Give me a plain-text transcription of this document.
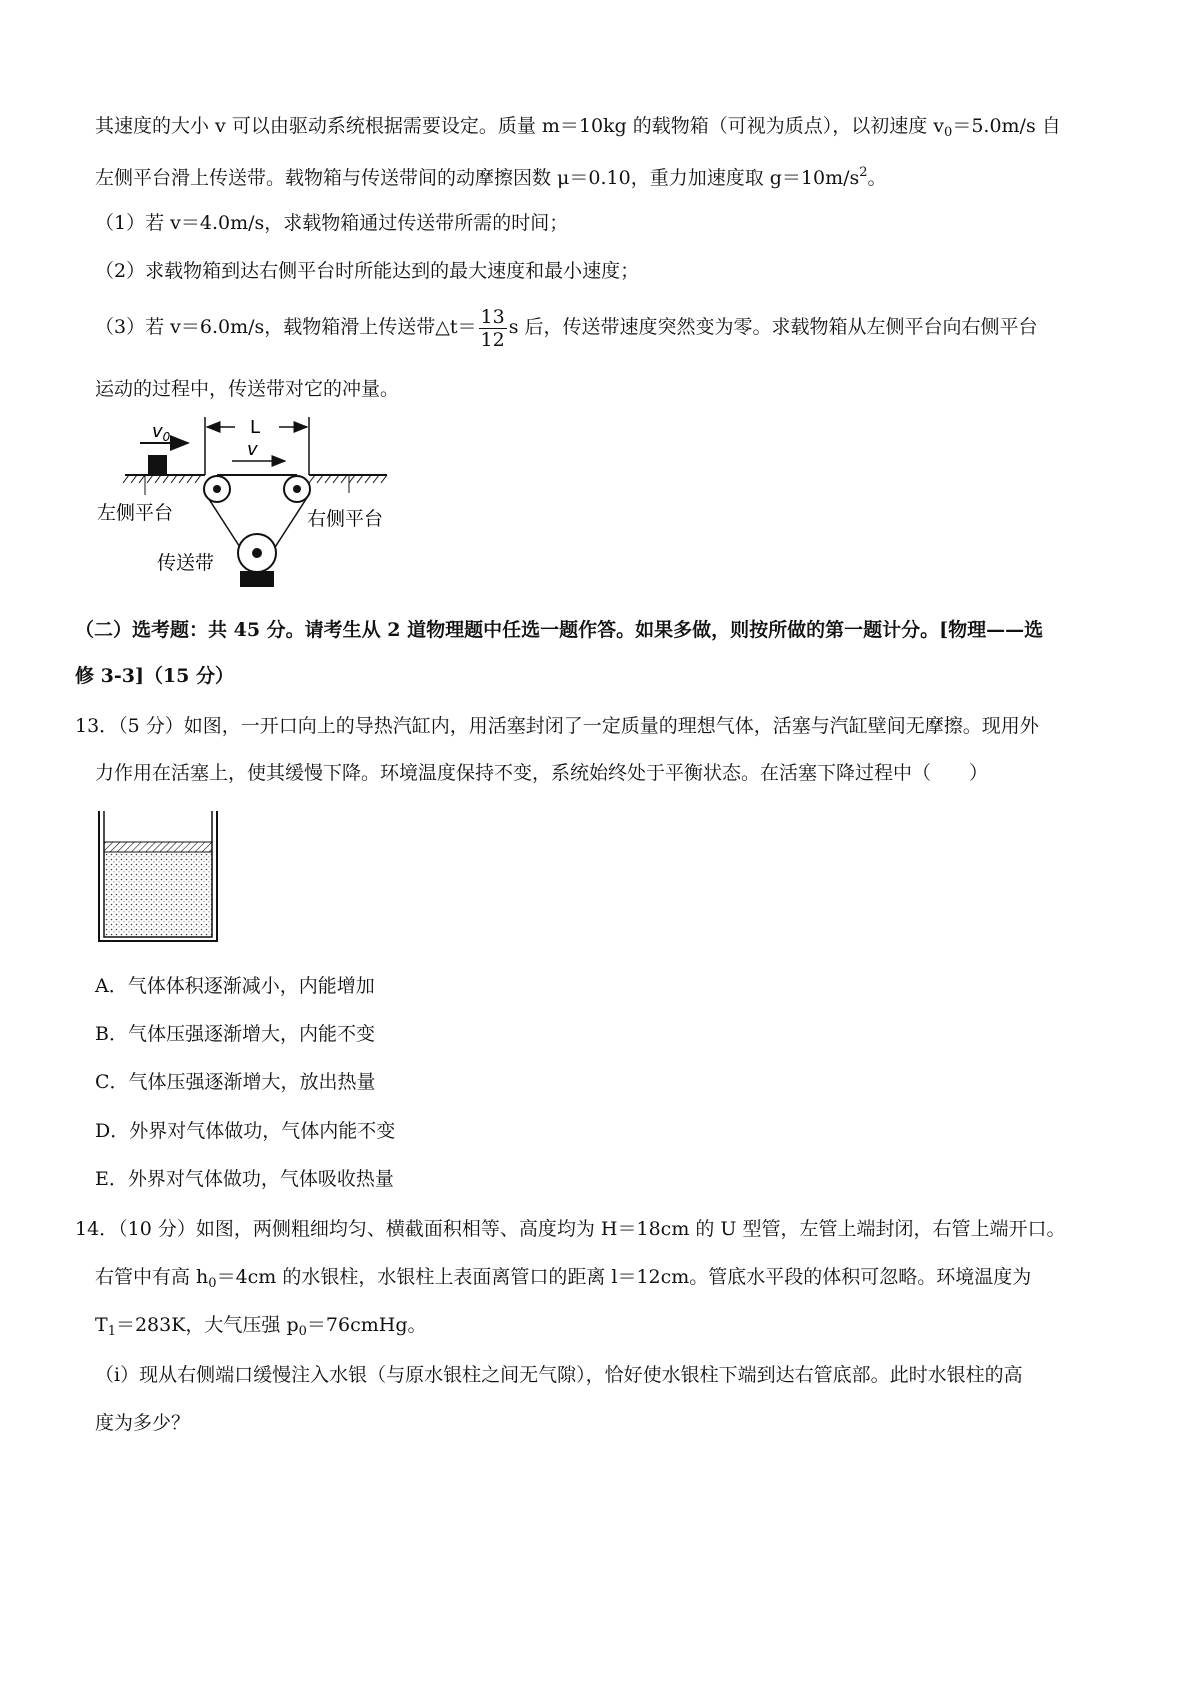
其速度的大小 v 可以由驱动系统根据需要设定。质量 m＝10kg 的载物箱（可视为质点），以初速度 $v_0=5.0m/s$ 自
左侧平台滑上传送带。载物箱与传送带间的动摩擦因数 μ＝0.10，重力加速度取 $g=10m/s^2$。
（1）若 v＝4.0m/s，求载物箱通过传送带所需的时间；
（2）求载物箱到达右侧平台时所能达到的最大速度和最小速度；
（3）若 v＝6.0m/s，载物箱滑上传送带△t＝ $\frac{13}{12}$ s 后，传送带速度突然变为零。求载物箱从左侧平台向右侧平台
运动的过程中，传送带对它的冲量。
$v_0$	L
v
左侧平台	右侧平台
传送带
（二）选考题：共 45 分。请考生从 2 道物理题中任选一题作答。如果多做，则按所做的第一题计分。[物理——选
修 3-3]（15 分）
13．（5 分）如图，一开口向上的导热汽缸内，用活塞封闭了一定质量的理想气体，活塞与汽缸壁间无摩擦。现用外
力作用在活塞上，使其缓慢下降。环境温度保持不变，系统始终处于平衡状态。在活塞下降过程中（　　）
A．气体体积逐渐减小，内能增加
B．气体压强逐渐增大，内能不变
C．气体压强逐渐增大，放出热量
D．外界对气体做功，气体内能不变
E．外界对气体做功，气体吸收热量
14．（10 分）如图，两侧粗细均匀、横截面积相等、高度均为 H＝18cm 的 U 型管，左管上端封闭，右管上端开口。
右管中有高 $h_0=4cm$ 的水银柱，水银柱上表面离管口的距离 l＝12cm。管底水平段的体积可忽略。环境温度为
$T_1=283K$，大气压强 $p_0=76cmHg$。
（i）现从右侧端口缓慢注入水银（与原水银柱之间无气隙），恰好使水银柱下端到达右管底部。此时水银柱的高
度为多少？
